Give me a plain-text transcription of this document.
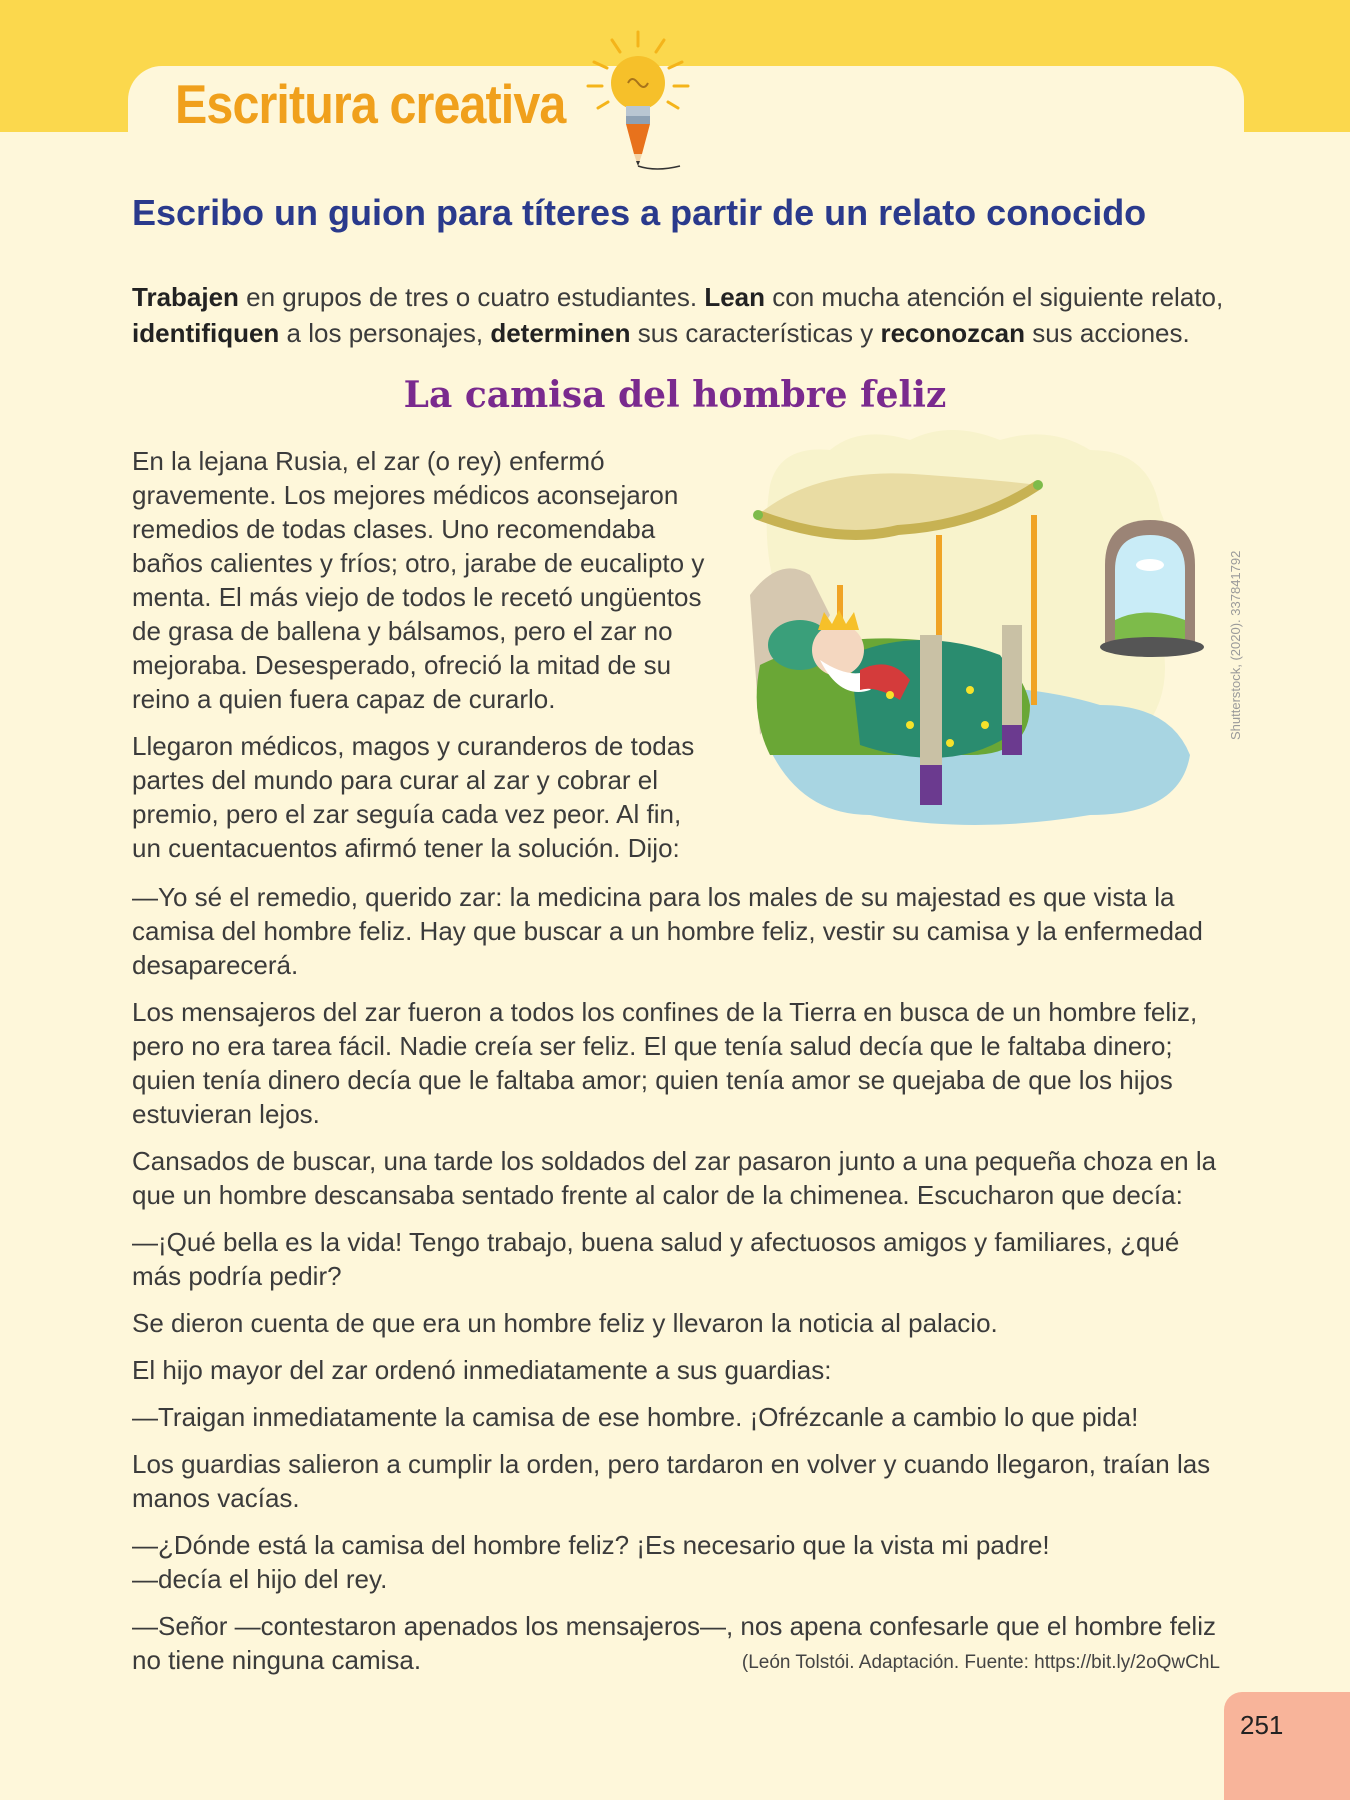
Escritura creativa
Escribo un guion para títeres a partir de un relato conocido

Trabajen en grupos de tres o cuatro estudiantes. Lean con mucha atención el siguiente relato, identifiquen a los personajes, determinen sus características y reconozcan sus acciones.

La camisa del hombre feliz

En la lejana Rusia, el zar (o rey) enfermó gravemente. Los mejores médicos aconsejaron remedios de todas clases. Uno recomendaba baños calientes y fríos; otro, jarabe de eucalipto y menta. El más viejo de todos le recetó ungüentos de grasa de ballena y bálsamos, pero el zar no mejoraba. Desesperado, ofreció la mitad de su reino a quien fuera capaz de curarlo.

Llegaron médicos, magos y curanderos de todas partes del mundo para curar al zar y cobrar el premio, pero el zar seguía cada vez peor. Al fin, un cuentacuentos afirmó tener la solución. Dijo:

Shutterstock, (2020). 337841792

—Yo sé el remedio, querido zar: la medicina para los males de su majestad es que vista la camisa del hombre feliz. Hay que buscar a un hombre feliz, vestir su camisa y la enfermedad desaparecerá.

Los mensajeros del zar fueron a todos los confines de la Tierra en busca de un hombre feliz, pero no era tarea fácil. Nadie creía ser feliz. El que tenía salud decía que le faltaba dinero; quien tenía dinero decía que le faltaba amor; quien tenía amor se quejaba de que los hijos estuvieran lejos.

Cansados de buscar, una tarde los soldados del zar pasaron junto a una pequeña choza en la que un hombre descansaba sentado frente al calor de la chimenea. Escucharon que decía:

—¡Qué bella es la vida! Tengo trabajo, buena salud y afectuosos amigos y familiares, ¿qué más podría pedir?

Se dieron cuenta de que era un hombre feliz y llevaron la noticia al palacio.

El hijo mayor del zar ordenó inmediatamente a sus guardias:

—Traigan inmediatamente la camisa de ese hombre. ¡Ofrézcanle a cambio lo que pida!

Los guardias salieron a cumplir la orden, pero tardaron en volver y cuando llegaron, traían las manos vacías.

—¿Dónde está la camisa del hombre feliz? ¡Es necesario que la vista mi padre!

—decía el hijo del rey.

—Señor —contestaron apenados los mensajeros—, nos apena confesarle que el hombre feliz no tiene ninguna camisa.	(León Tolstói. Adaptación. Fuente: https://bit.ly/2oQwChL

251
